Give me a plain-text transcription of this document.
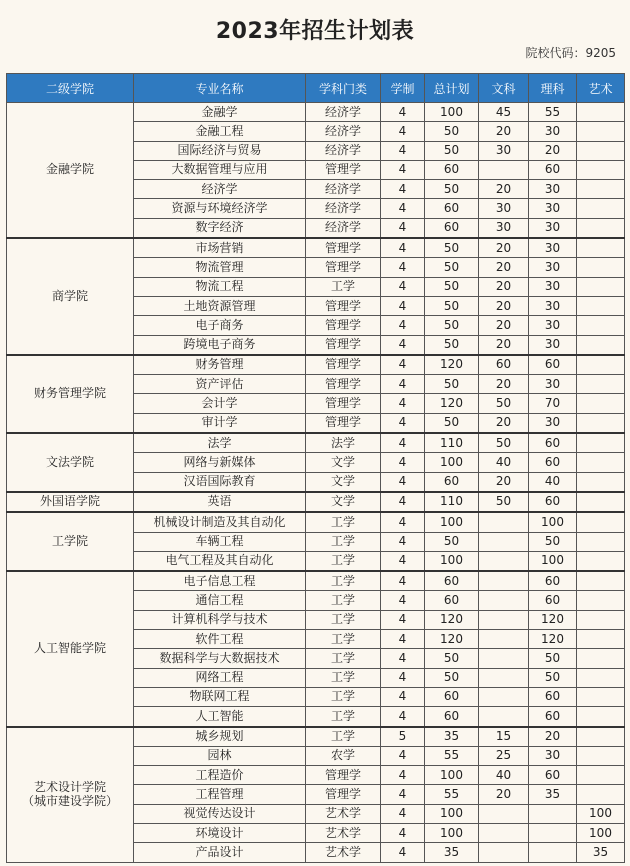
2023年招生计划表
院校代码：9205
二级学院	专业名称	学科门类	学制	总计划	文科	理科	艺术

金融学院	金融学	经济学	4	100	45	55	
	金融工程	经济学	4	50	20	30	
	国际经济与贸易	经济学	4	50	30	20	
	大数据管理与应用	管理学	4	60		60	
	经济学	经济学	4	50	20	30	
	资源与环境经济学	经济学	4	60	30	30	
	数字经济	经济学	4	60	30	30	

商学院	市场营销	管理学	4	50	20	30	
	物流管理	管理学	4	50	20	30	
	物流工程	工学	4	50	20	30	
	土地资源管理	管理学	4	50	20	30	
	电子商务	管理学	4	50	20	30	
	跨境电子商务	管理学	4	50	20	30	

财务管理学院	财务管理	管理学	4	120	60	60	
	资产评估	管理学	4	50	20	30	
	会计学	管理学	4	120	50	70	
	审计学	管理学	4	50	20	30	

文法学院	法学	法学	4	110	50	60	
	网络与新媒体	文学	4	100	40	60	
	汉语国际教育	文学	4	60	20	40	

外国语学院	英语	文学	4	110	50	60	

工学院	机械设计制造及其自动化	工学	4	100		100	
	车辆工程	工学	4	50		50	
	电气工程及其自动化	工学	4	100		100	

人工智能学院	电子信息工程	工学	4	60		60	
	通信工程	工学	4	60		60	
	计算机科学与技术	工学	4	120		120	
	软件工程	工学	4	120		120	
	数据科学与大数据技术	工学	4	50		50	
	网络工程	工学	4	50		50	
	物联网工程	工学	4	60		60	
	人工智能	工学	4	60		60	

艺术设计学院
（城市建设学院）	城乡规划	工学	5	35	15	20	
	园林	农学	4	55	25	30	
	工程造价	管理学	4	100	40	60	
	工程管理	管理学	4	55	20	35	
	视觉传达设计	艺术学	4	100			100
	环境设计	艺术学	4	100			100
	产品设计	艺术学	4	35			35
